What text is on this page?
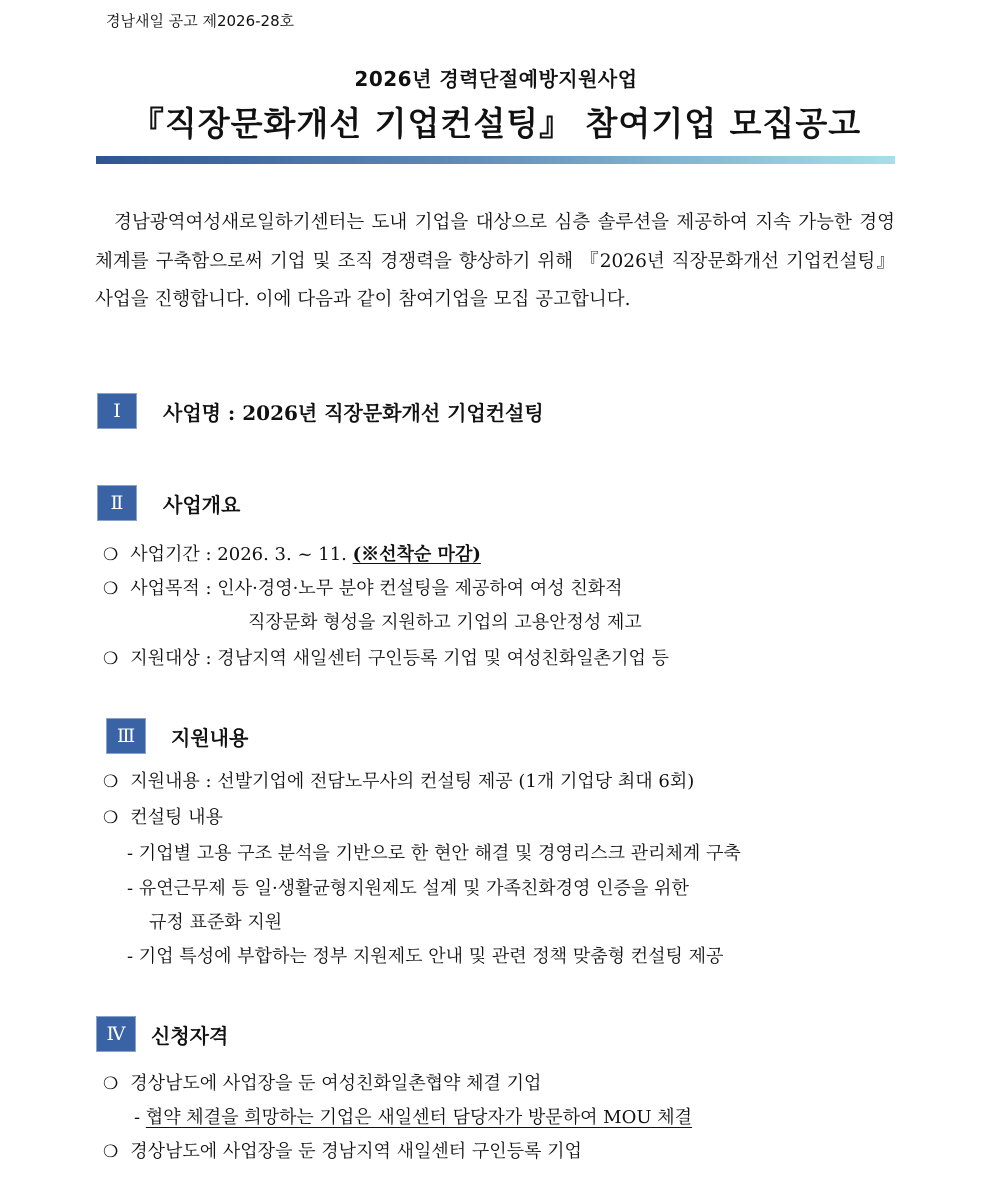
경남새일 공고 제2026-28호
2026년 경력단절예방지원사업
『직장문화개선 기업컨설팅』 참여기업 모집공고

경남광역여성새로일하기센터는 도내 기업을 대상으로 심층 솔루션을 제공하여 지속 가능한 경영 체계를 구축함으로써 기업 및 조직 경쟁력을 향상하기 위해 『2026년 직장문화개선 기업컨설팅』 사업을 진행합니다. 이에 다음과 같이 참여기업을 모집 공고합니다.

Ⅰ	사업명 : 2026년 직장문화개선 기업컨설팅
Ⅱ	사업개요
❍ 사업기간 : 2026. 3. ~ 11. (※선착순 마감)
❍ 사업목적 : 인사·경영·노무 분야 컨설팅을 제공하여 여성 친화적
직장문화 형성을 지원하고 기업의 고용안정성 제고
❍ 지원대상 : 경남지역 새일센터 구인등록 기업 및 여성친화일촌기업 등
Ⅲ	지원내용
❍ 지원내용 : 선발기업에 전담노무사의 컨설팅 제공 (1개 기업당 최대 6회)
❍ 컨설팅 내용
- 기업별 고용 구조 분석을 기반으로 한 현안 해결 및 경영리스크 관리체계 구축
- 유연근무제 등 일·생활균형지원제도 설계 및 가족친화경영 인증을 위한
규정 표준화 지원
- 기업 특성에 부합하는 정부 지원제도 안내 및 관련 정책 맞춤형 컨설팅 제공
Ⅳ	신청자격
❍ 경상남도에 사업장을 둔 여성친화일촌협약 체결 기업
- 협약 체결을 희망하는 기업은 새일센터 담당자가 방문하여 MOU 체결
❍ 경상남도에 사업장을 둔 경남지역 새일센터 구인등록 기업
